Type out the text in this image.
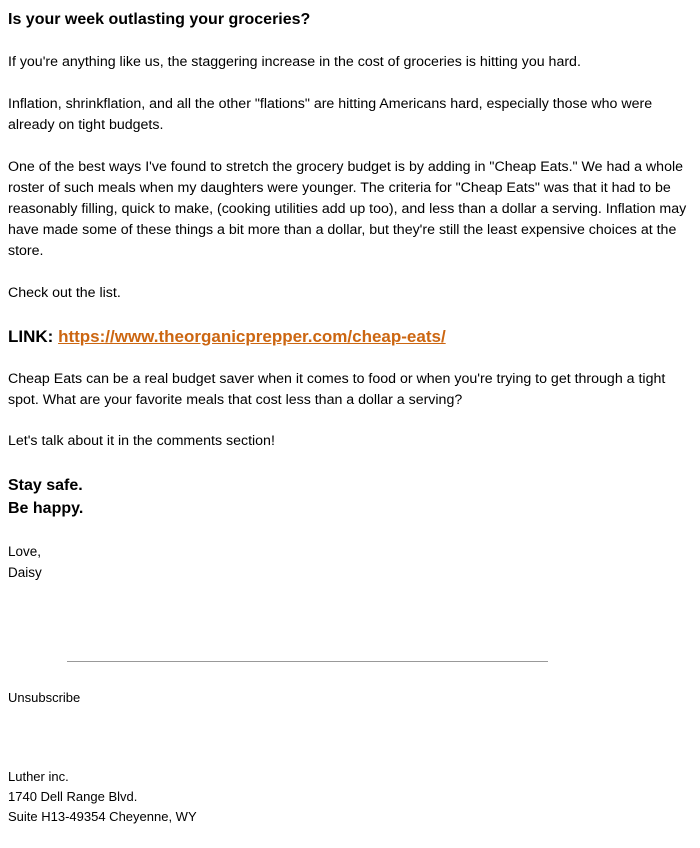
Is your week outlasting your groceries?

If you're anything like us, the staggering increase in the cost of groceries is hitting you hard.

Inflation, shrinkflation, and all the other "flations" are hitting Americans hard, especially those who were already on tight budgets.

One of the best ways I've found to stretch the grocery budget is by adding in "Cheap Eats." We had a whole roster of such meals when my daughters were younger. The criteria for "Cheap Eats" was that it had to be reasonably filling, quick to make, (cooking utilities add up too), and less than a dollar a serving. Inflation may have made some of these things a bit more than a dollar, but they're still the least expensive choices at the store.

Check out the list.

LINK: https://www.theorganicprepper.com/cheap-eats/

Cheap Eats can be a real budget saver when it comes to food or when you're trying to get through a tight spot. What are your favorite meals that cost less than a dollar a serving?

Let's talk about it in the comments section!

Stay safe.
Be happy.
Love,
Daisy
Unsubscribe
Luther inc.
1740 Dell Range Blvd.
Suite H13-49354 Cheyenne, WY
